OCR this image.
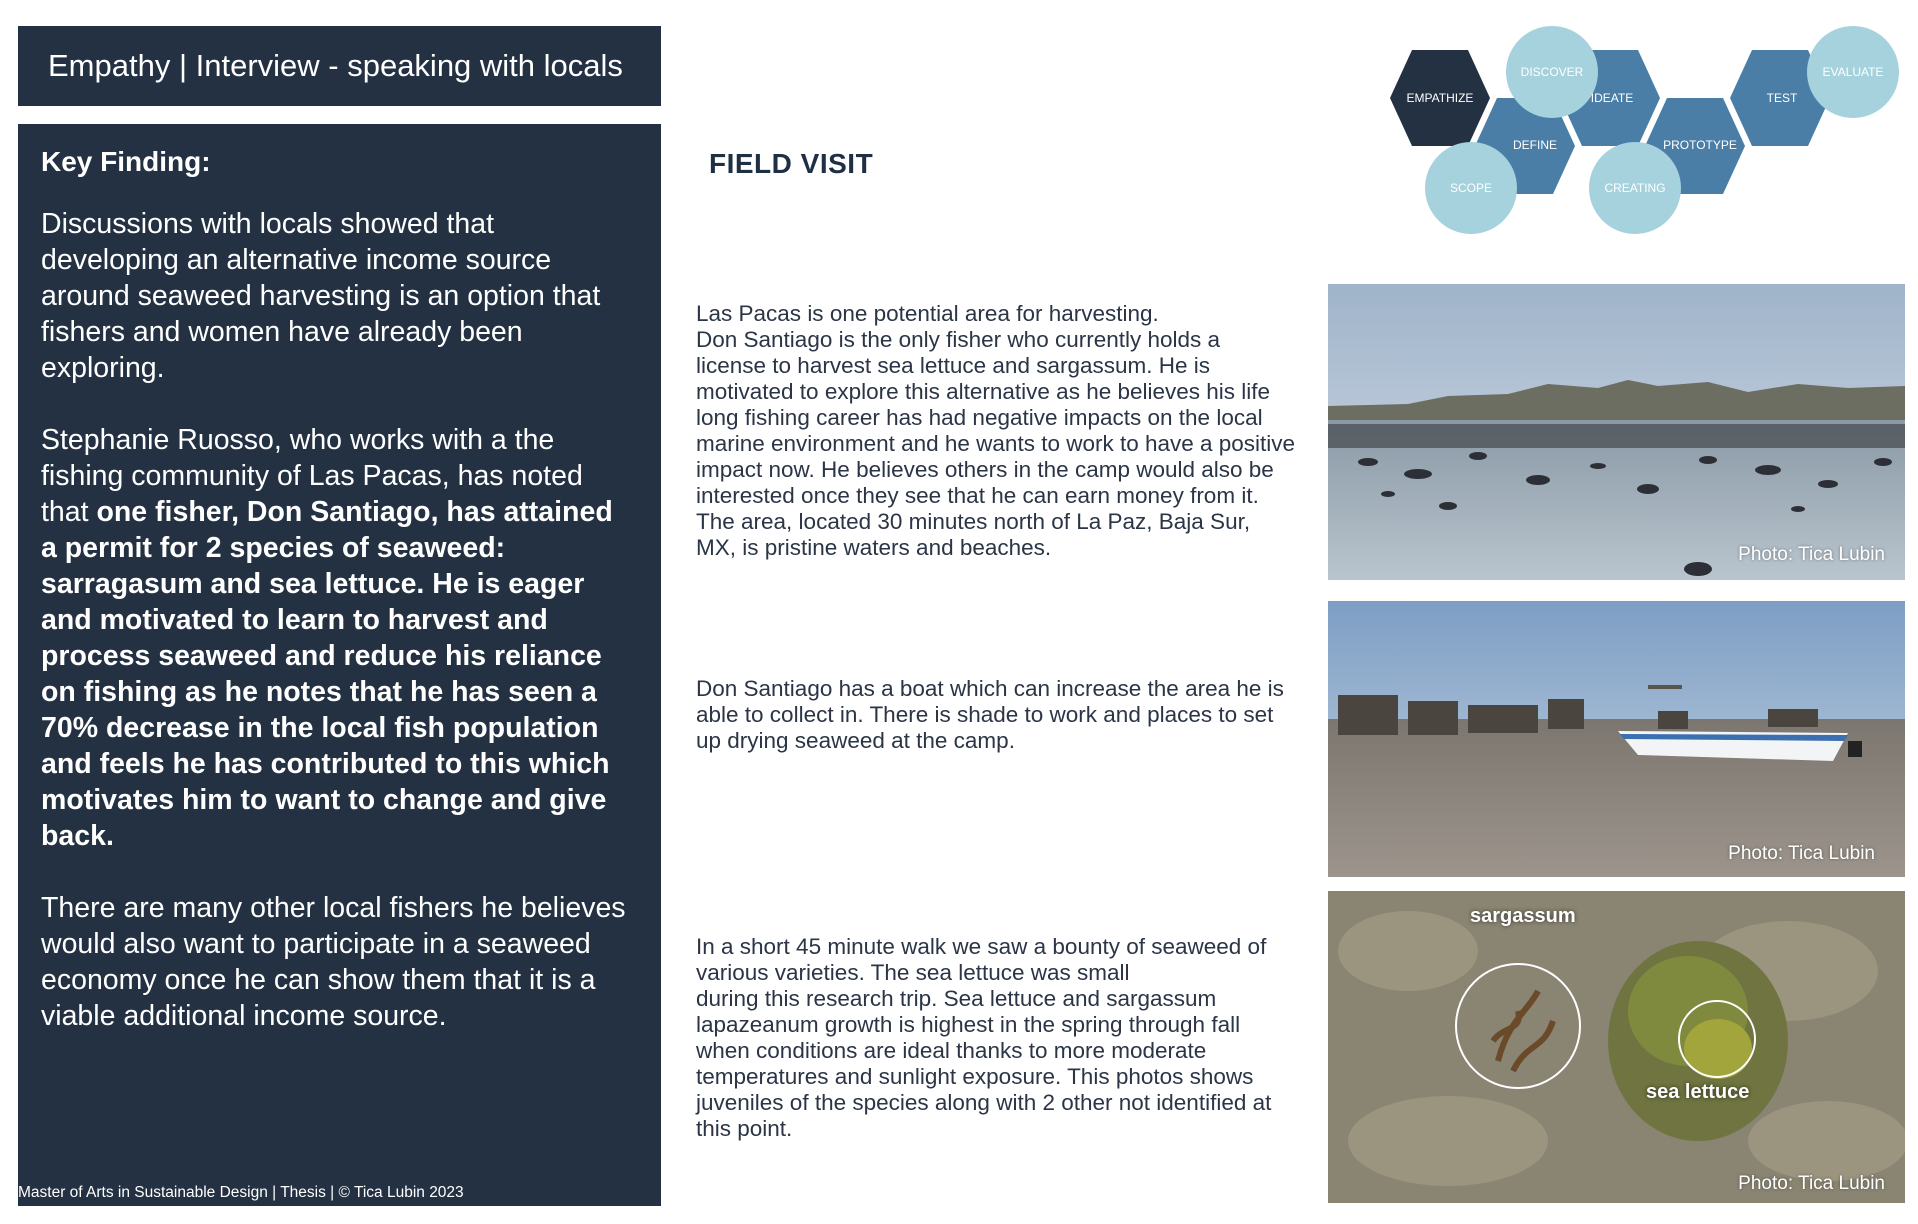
Empathy | Interview - speaking with locals
Key Finding:

Discussions with locals showed that developing an alternative income source around seaweed harvesting is an option that fishers and women have already been exploring.

Stephanie Ruosso, who works with a the fishing community of Las Pacas, has noted that one fisher, Don Santiago, has attained a permit for 2 species of seaweed: sarragasum and sea lettuce. He is eager and motivated to learn to harvest and process seaweed and reduce his reliance on fishing as he notes that he has seen a 70% decrease in the local fish population and feels he has contributed to this which motivates him to want to change and give back.

There are many other local fishers he believes would also want to participate in a seaweed economy once he can show them that it is a viable additional income source.

Master of Arts in Sustainable Design | Thesis | © Tica Lubin 2023
FIELD VISIT
Las Pacas is one potential area for harvesting.
Don Santiago is the only fisher who currently holds a license to harvest sea lettuce and sargassum. He is motivated to explore this alternative as he believes his life long fishing career has had negative impacts on the local marine environment and he wants to work to have a positive impact now. He believes others in the camp would also be interested once they see that he can earn money from it. The area, located 30 minutes north of La Paz, Baja Sur, MX, is pristine waters and beaches.
Don Santiago has a boat which can increase the area he is able to collect in. There is shade to work and places to set up drying seaweed at the camp.
In a short 45 minute walk we saw a bounty of seaweed of various varieties. The sea lettuce was small
during this research trip. Sea lettuce and sargassum lapazeanum growth is highest in the spring through fall when conditions are ideal thanks to more moderate temperatures and sunlight exposure. This photos shows juveniles of the species along with 2 other not identified at this point.
Photo: Tica Lubin
Photo: Tica Lubin
sargassum
sea lettuce
Photo: Tica Lubin
EMPATHIZE
DISCOVER
DEFINE
SCOPE
IDEATE
CREATING
PROTOTYPE
TEST
EVALUATE
